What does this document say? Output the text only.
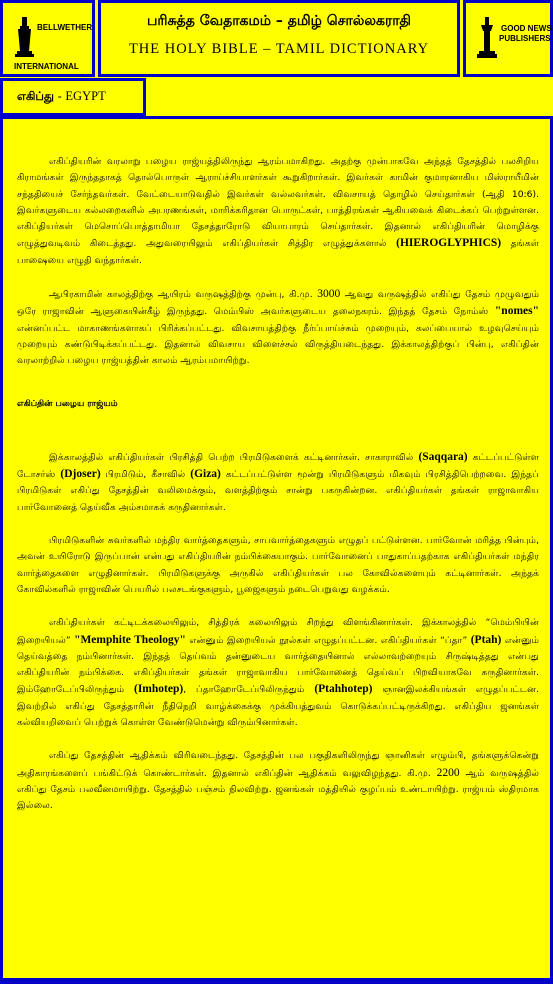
BELLWETHER
INTERNATIONAL
பரிசுத்த வேதாகமம் – தமிழ் சொல்லகராதி
THE HOLY BIBLE – TAMIL DICTIONARY
GOOD NEWS
PUBLISHERS
எகிப்து - EGYPT

எகிப்தியரின் வரலாறு பழைய ராஜ்யத்திலிருந்து ஆரம்பமாகிறது. அதற்கு முன்பாகவே அந்தத் தேசத்தில் பலசிறிய கிராமங்கள் இருந்ததாகத் தொல்பொருள் ஆராய்ச்சியாளர்கள் கூறுகிறார்கள். இவர்கள் காமின் குமாரனாகிய மிஸ்ராயீமின் சந்ததியைச் சேர்ந்தவர்கள். வேட்டையாடுவதில் இவர்கள் வல்லவர்கள். விவசாயத் தொழில் செய்தார்கள் (ஆதி 10:6). இவர்களுடைய கல்லறைகளில் அபரணங்கள், மாரிக்கரிதான பொருட்கள், பாத்திரங்கள் ஆகியவைக் கிடைக்கப் பெற்றுள்ளன. எகிப்தியர்கள் மெசொப்பொத்தாமியா தேசத்தாரோடு வியாபாரம் செய்தார்கள். இதனால் எகிப்தியரின் மொழிக்கு எழுத்துவடிவம் கிடைத்தது. அதுவரையிலும் எகிப்தியர்கள் சித்திர எழுத்துக்களால் (HIEROGLYPHICS) தங்கள் பாஷையை எழுதி வந்தார்கள்.

ஆபிரகாமின் காலத்திற்கு ஆயிரம் வருஷத்திற்கு முன்பு, கி.மு. 3000 ஆவது வருஷத்தில் எகிப்து தேசம் முழுவதும் ஒரே ராஜாவின் ஆளுகையின்கீழ் இருந்தது. மெம்பிஸ் அவர்களுடைய தலைநகரம். இந்தத் தேசம் நோம்ஸ் "nomes" என்னப்பட்ட மாகாணங்களாகப் பிரிக்கப்பட்டது. விவசாயத்திற்கு நீர்ப்பாய்ச்சும் முறையும், கலப்பையால் உழவுசெய்யும் முறையும் கண்டுபிடிக்கப்பட்டது. இதனால் விவசாய விளைச்சல் விருத்தியடைந்தது. இக்காலத்திற்குப் பின்பு, எகிப்தின் வரலாற்றில் பழைய ராஜ்யத்தின் காலம் ஆரம்பமாயிற்று.

எகிப்தின் பழைய ராஜ்யம்

இக்காலத்தில் எகிப்தியர்கள் பிரசித்தி பெற்ற பிரமிடுகளைக் கட்டினார்கள். சாகாராவில் (Saqqara) கட்டப்பட்டுள்ள டோசர்ஸ் (Djoser) பிரமிடும், கீசாவில் (Giza) கட்டப்பட்டுள்ள மூன்று பிரமிடுகளும் மிகவும் பிரசித்திபெற்றவை. இந்தப் பிரமிடுகள் எகிப்து தேசத்தின் வலிமைக்கும், வளத்திற்கும் சான்று பகருகின்றன. எகிப்தியர்கள் தங்கள் ராஜாவாகிய பார்வோனைத் தெய்வீக அம்சமாகக் கருதினார்கள்.

பிரமிடுகளின் சுவர்களில் மந்திர வார்த்தைகளும், சாபவார்த்தைகளும் எழுதப் பட்டுள்ளன. பார்வோன் மரித்த பின்பும், அவன் உயிரோடு இருப்பான் என்பது எகிப்தியரின் நம்பிக்கையாகும். பார்வோனைப் பாதுகாப்பதற்காக எகிப்தியர்கள் மந்திர வார்த்தைகளை எழுதினார்கள். பிரமிடுகளுக்கு அருகில் எகிப்தியர்கள் பல கோவில்களையும் கட்டினார்கள். அந்தக் கோவில்களில் ராஜாவின் பெயரில் பலசடங்குகளும், பூஜைகளும் நடைபெறுவது வழக்கம்.

எகிப்தியர்கள் கட்டிடக்கலையிலும், சித்திரக் கலையிலும் சிறந்து விளங்கினார்கள். இக்காலத்தில் “மெம்பியின் இறையியல்” "Memphite Theology" என்னும் இறையியல் நூல்கள் எழுதப்பட்டன. எகிப்தியர்கள் “ப்தா” (Ptah) என்னும் தெய்வத்தை நம்பினார்கள். இந்தத் தெய்வம் தன்னுடைய வார்த்தையினால் எல்லாவற்றையும் சிருஷ்டித்தது என்பது எகிப்தியரின் நம்பிக்கை. எகிப்தியர்கள் தங்கள் ராஜாவாகிய பார்வோனைத் தெய்வப் பிறவியாகவே கருதினார்கள். இம்ஹோடேப்பிலிருந்தும் (Imhotep), ப்தாஹோடேப்பிலிருந்தும் (Ptahhotep) ஞானஇலக்கியங்கள் எழுதப்பட்டன. இவற்றில் எகிப்து தேசத்தாரின் நீதிநெறி வாழ்க்கைக்கு முக்கியத்துவம் கொடுக்கப்பட்டிருக்கிறது. எகிப்திய ஜனங்கள் கல்வியறிவைப் பெற்றுக் கொள்ள வேண்டுமென்று விரும்பினார்கள்.

எகிப்து தேசத்தின் ஆதிக்கம் விரிவடைந்தது. தேசத்தின் பல பகுதிகளிலிருந்து ஞானிகள் எழும்பி, தங்களுக்கென்று அதிகாரங்களைப் பங்கிட்டுக் கொண்டார்கள். இதனால் எகிப்தின் ஆதிக்கம் வலுவிழந்தது. கி.மு. 2200 ஆம் வருஷத்தில் எகிப்து தேசம் பலவீனமாயிற்று. தேசத்தில் பஞ்சம் நிலவிற்று. ஜனங்கள் மத்தியில் குழப்பம் உண்டாயிற்று. ராஜ்யம் ஸ்திரமாக இல்லை.
